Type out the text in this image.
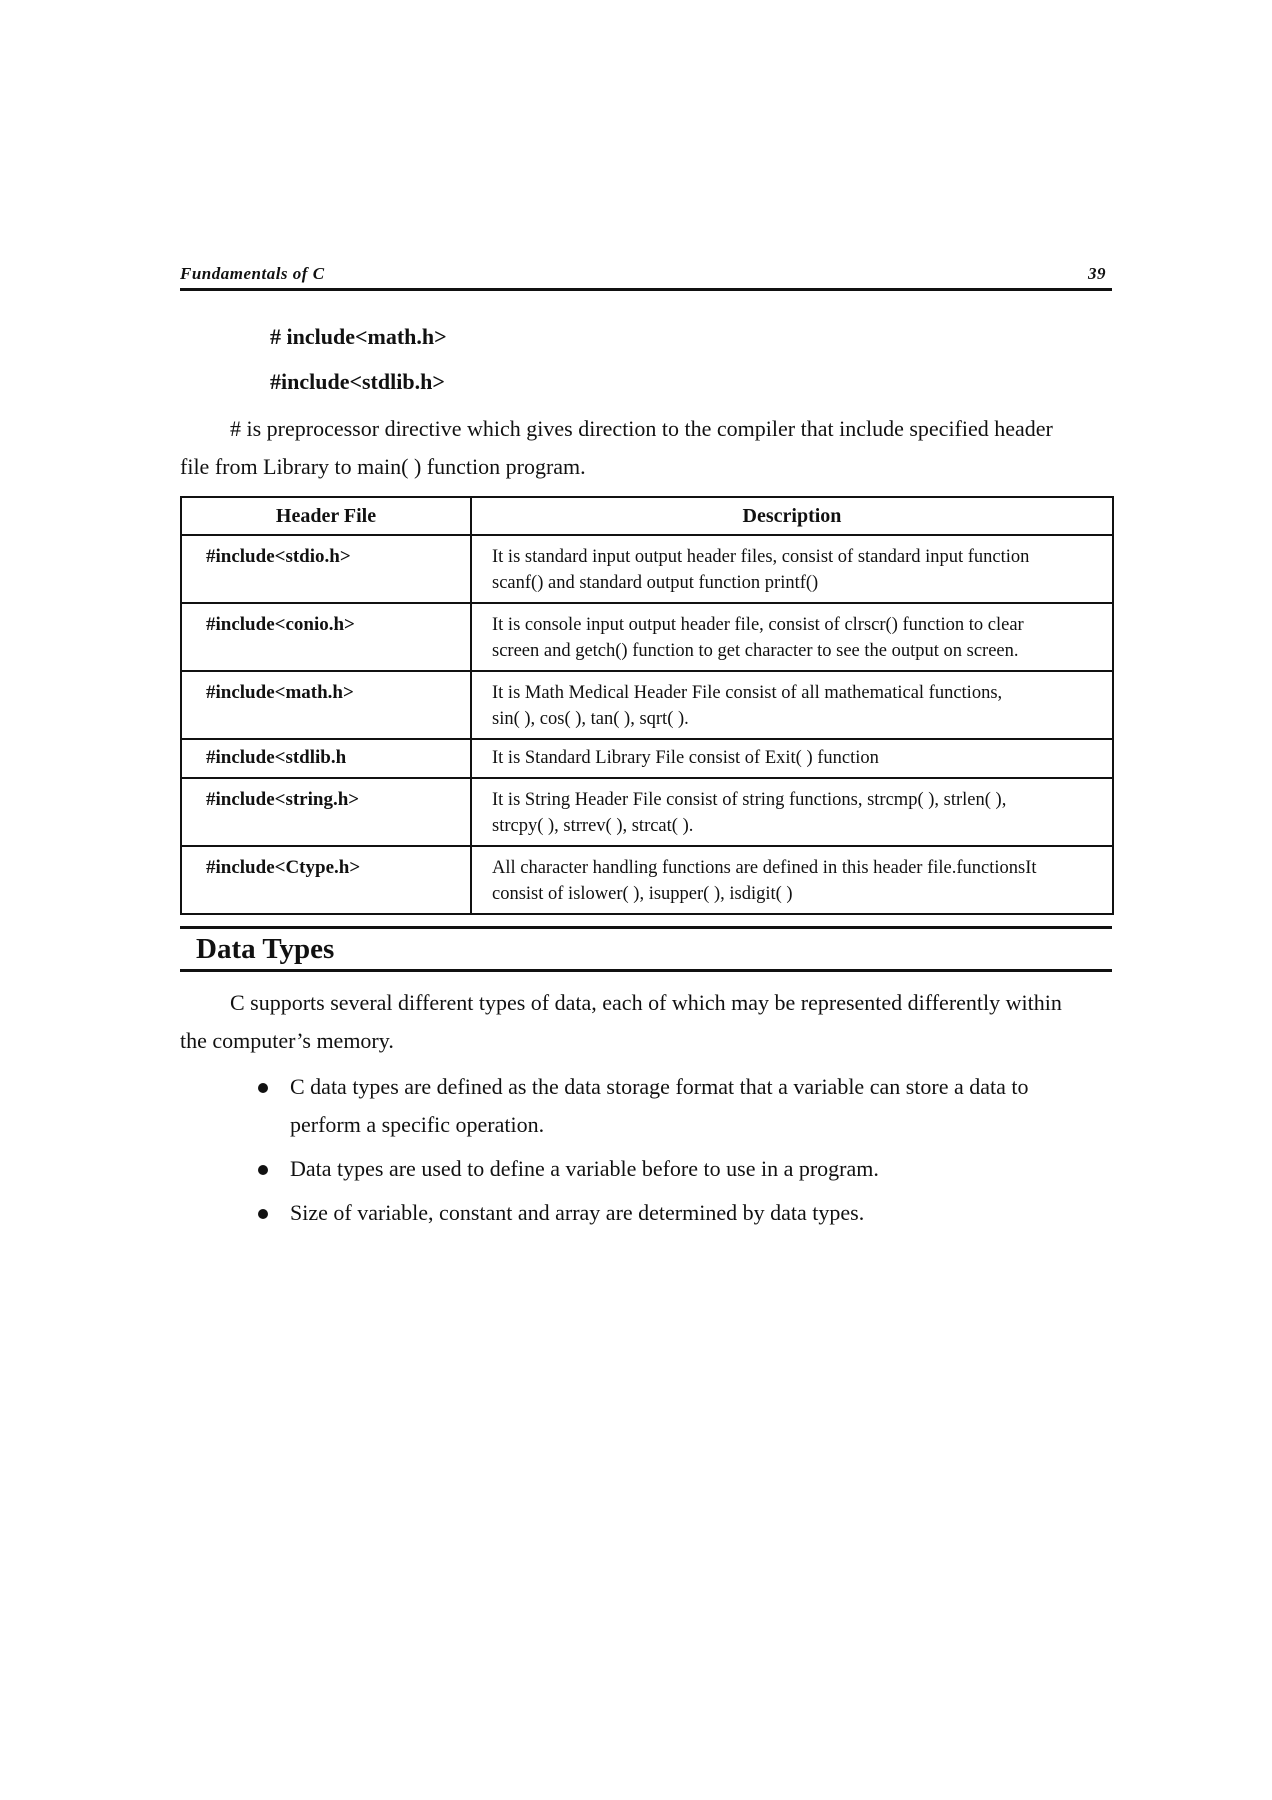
Fundamentals of C	39
# include<math.h>
#include<stdlib.h>
# is preprocessor directive which gives direction to the compiler that include specified header
file from Library to main( ) function program.
Header File	Description
#include<stdio.h>	It is standard input output header files, consist of standard input function
scanf() and standard output function printf()

#include<conio.h>	It is console input output header file, consist of clrscr() function to clear
screen and getch() function to get character to see the output on screen.

#include<math.h>	It is Math Medical Header File consist of all mathematical functions,
sin( ), cos( ), tan( ), sqrt( ).

#include<stdlib.h	It is Standard Library File consist of Exit( ) function

#include<string.h>	It is String Header File consist of string functions, strcmp( ), strlen( ),
strcpy( ), strrev( ), strcat( ).

#include<Ctype.h>	All character handling functions are defined in this header file.functionsIt
consist of islower( ), isupper( ), isdigit( )
Data Types
C supports several different types of data, each of which may be represented differently within
the computer’s memory.
C data types are defined as the data storage format that a variable can store a data to
perform a specific operation.
Data types are used to define a variable before to use in a program.
Size of variable, constant and array are determined by data types.
